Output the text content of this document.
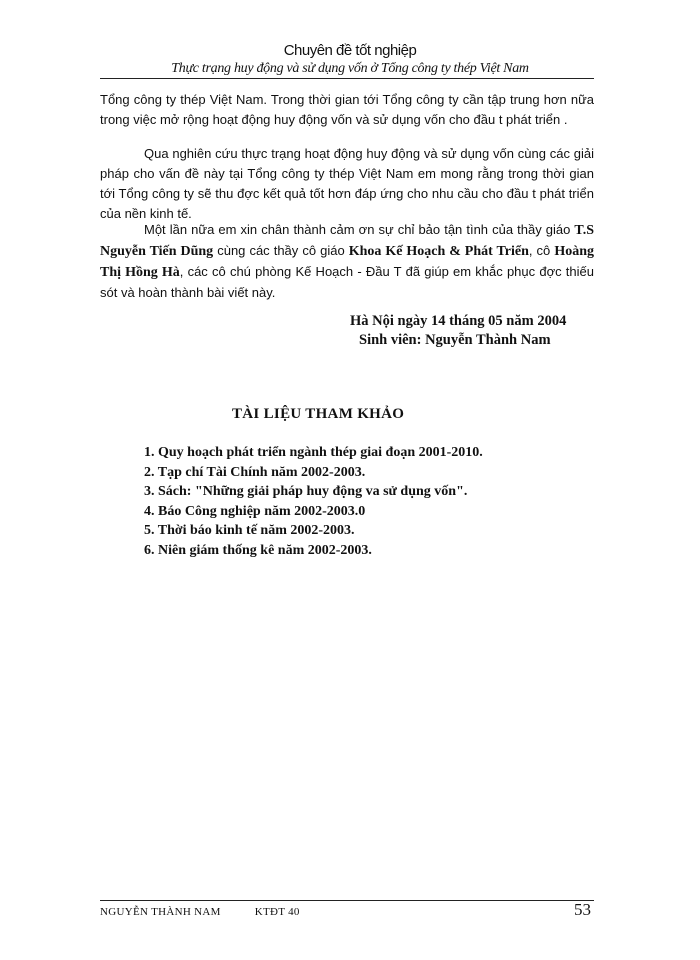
Chuyên đề tốt nghiệp
Thực trạng huy động và sử dụng vốn ở Tổng công ty thép Việt Nam

Tổng công ty thép Việt Nam. Trong thời gian tới Tổng công ty cần tập trung hơn nữa trong việc mở rộng hoạt động huy động vốn và sử dụng vốn cho đầu t phát triển .

Qua nghiên cứu thực trạng hoạt động huy động và sử dụng vốn cùng các giải pháp cho vấn đề này tại Tổng công ty thép Việt Nam em mong rằng trong thời gian tới Tổng công ty sẽ thu đợc kết quả tốt hơn đáp ứng cho nhu cầu cho đầu t phát triển của nền kinh tế.

Một lần nữa em xin chân thành cảm ơn sự chỉ bảo tận tình của thầy giáo T.S Nguyễn Tiến Dũng cùng các thầy cô giáo Khoa Kế Hoạch & Phát Triển, cô Hoàng Thị Hồng Hà, các cô chú phòng Kế Hoạch - Đầu T đã giúp em khắc phục đợc thiếu sót và hoàn thành bài viết này.

Hà Nội ngày 14 tháng 05 năm 2004
Sinh viên: Nguyễn Thành Nam
TÀI LIỆU THAM KHẢO
1. Quy hoạch phát triển ngành thép giai đoạn 2001-2010.
2. Tạp chí Tài Chính năm 2002-2003.
3. Sách: "Những giải pháp huy động va sử dụng vốn".
4. Báo Công nghiệp năm 2002-2003.0
5. Thời báo kinh tế năm 2002-2003.
6. Niên giám thống kê năm 2002-2003.
NGUYỄN THÀNH NAM	KTĐT 40	53
